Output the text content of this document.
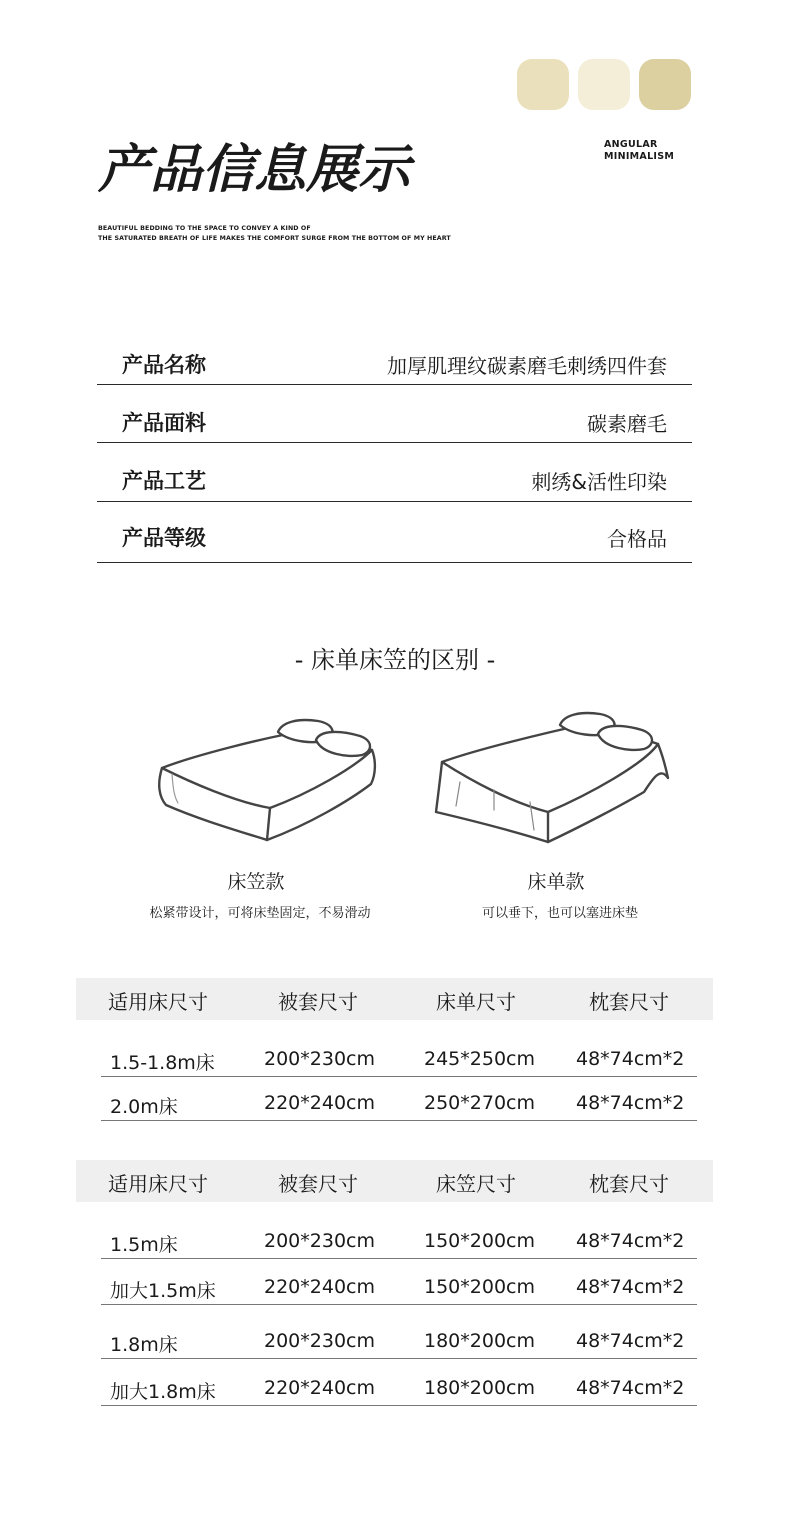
ANGULAR
MINIMALISM
产品信息展示
BEAUTIFUL BEDDING TO THE SPACE TO CONVEY A KIND OF
THE SATURATED BREATH OF LIFE MAKES THE COMFORT SURGE FROM THE BOTTOM OF MY HEART
产品名称	加厚肌理纹碳素磨毛刺绣四件套
产品面料	碳素磨毛
产品工艺	刺绣&活性印染
产品等级	合格品
- 床单床笠的区别 -
床笠款
松紧带设计，可将床垫固定，不易滑动
床单款
可以垂下，也可以塞进床垫
适用床尺寸	被套尺寸	床单尺寸	枕套尺寸
1.5-1.8m床	200*230cm	245*250cm 48*74cm*2
2.0m床	220*240cm	250*270cm 48*74cm*2
适用床尺寸	被套尺寸	床笠尺寸	枕套尺寸
1.5m床	200*230cm	150*200cm 48*74cm*2
加大1.5m床	220*240cm	150*200cm 48*74cm*2
1.8m床	200*230cm	180*200cm 48*74cm*2
加大1.8m床	220*240cm	180*200cm 48*74cm*2
